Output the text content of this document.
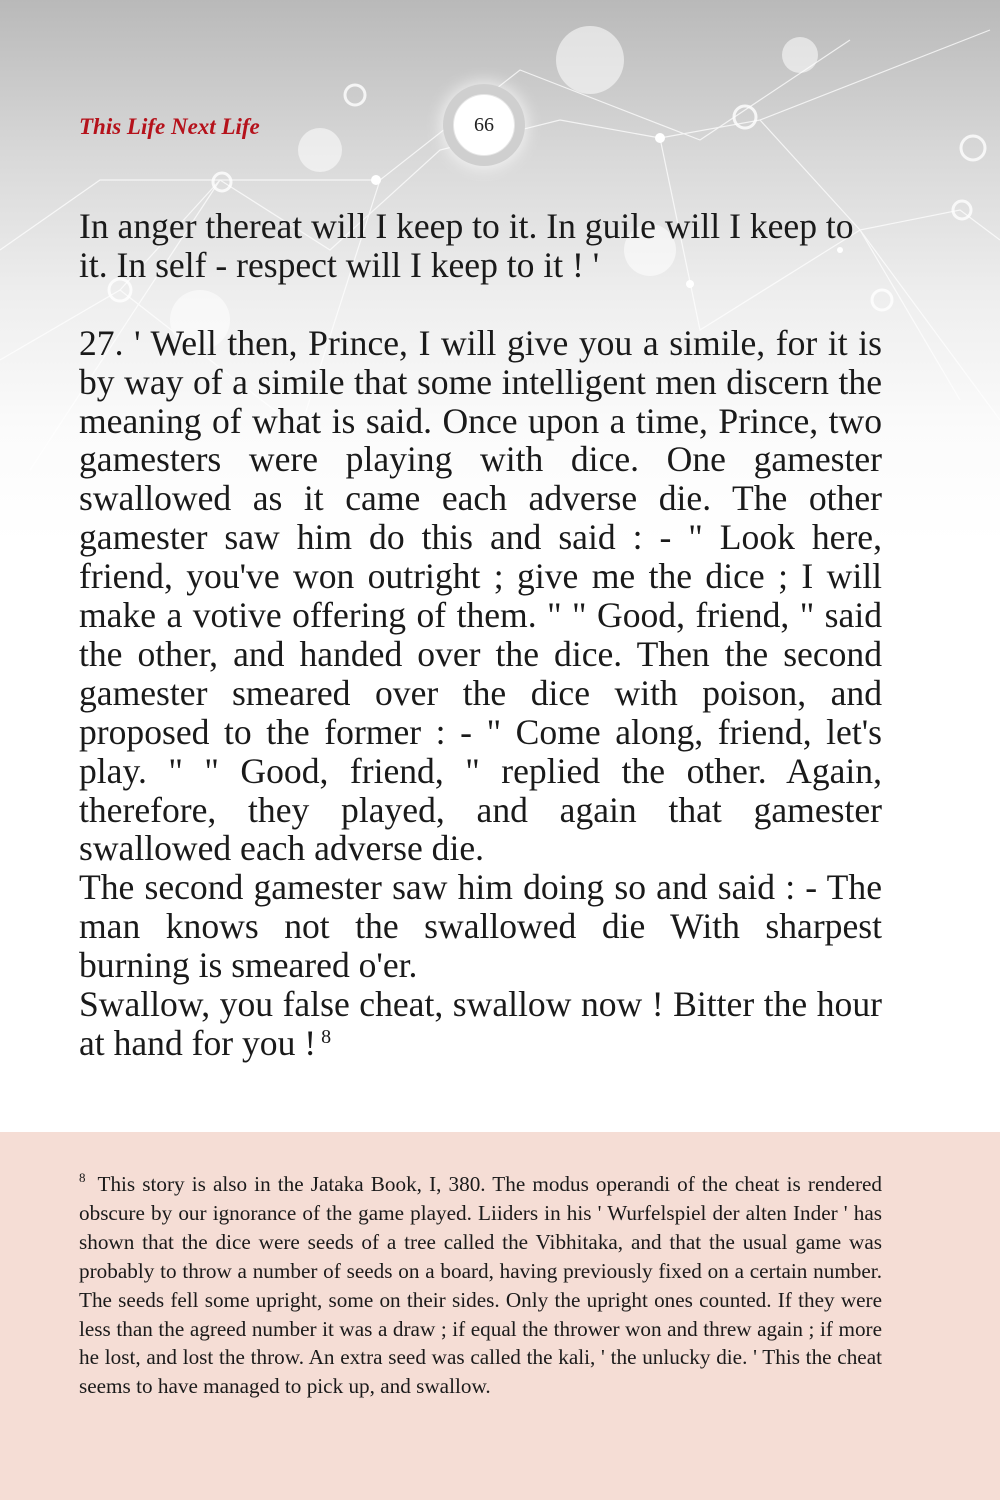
This Life Next Life	66

In anger thereat will I keep to it. In guile will I keep to it. In self - respect will I keep to it ! '

27. ' Well then, Prince, I will give you a simile, for it is by way of a simile that some intelligent men discern the meaning of what is said. Once upon a time, Prince, two gamesters were playing with dice. One gamester swallowed as it came each adverse die. The other gamester saw him do this and said : - " Look here, friend, you've won outright ; give me the dice ; I will make a votive offering of them. " " Good, friend, " said the other, and handed over the dice. Then the second gamester smeared over the dice with poison, and proposed to the former : - " Come along, friend, let's play. " " Good, friend, " replied the other. Again, therefore, they played, and again that gamester swallowed each adverse die.

The second gamester saw him doing so and said : - The man knows not the swallowed die With sharpest burning is smeared o'er.

Swallow, you false cheat, swallow now ! Bitter the hour at hand for you ! $^8$

$^8$ This story is also in the Jataka Book, I, 380. The modus operandi of the cheat is rendered obscure by our ignorance of the game played. Liiders in his ' Wurfelspiel der alten Inder ' has shown that the dice were seeds of a tree called the Vibhitaka, and that the usual game was probably to throw a number of seeds on a board, having previously fixed on a certain number. The seeds fell some upright, some on their sides. Only the upright ones counted. If they were less than the agreed number it was a draw ; if equal the thrower won and threw again ; if more he lost, and lost the throw. An extra seed was called the kali, ' the unlucky die. ' This the cheat seems to have managed to pick up, and swallow.
